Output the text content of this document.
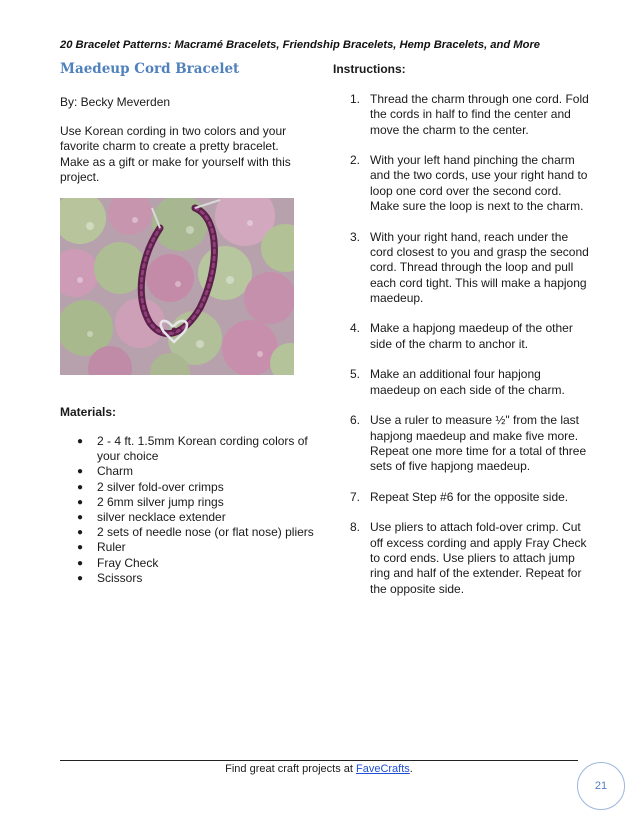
20 Bracelet Patterns: Macramé Bracelets, Friendship Bracelets, Hemp Bracelets, and More
Maedeup Cord Bracelet
By: Becky Meverden

Use Korean cording in two colors and your favorite charm to create a pretty bracelet. Make as a gift or make for yourself with this project.

Materials:
● 2 - 4 ft. 1.5mm Korean cording colors of your choice
● Charm
● 2 silver fold-over crimps
● 2 6mm silver jump rings
● silver necklace extender
● 2 sets of needle nose (or flat nose) pliers
● Ruler
● Fray Check
● Scissors
Instructions:
1. Thread the charm through one cord. Fold the cords in half to find the center and move the charm to the center.
2. With your left hand pinching the charm and the two cords, use your right hand to loop one cord over the second cord. Make sure the loop is next to the charm.
3. With your right hand, reach under the cord closest to you and grasp the second cord. Thread through the loop and pull each cord tight. This will make a hapjong maedeup.
4. Make a hapjong maedeup of the other side of the charm to anchor it.
5. Make an additional four hapjong maedeup on each side of the charm.
6. Use a ruler to measure ½" from the last hapjong maedeup and make five more. Repeat one more time for a total of three sets of five hapjong maedeup.
7. Repeat Step #6 for the opposite side.
8. Use pliers to attach fold-over crimp. Cut off excess cording and apply Fray Check to cord ends. Use pliers to attach jump ring and half of the extender. Repeat for the opposite side.
Find great craft projects at FaveCrafts.
21
